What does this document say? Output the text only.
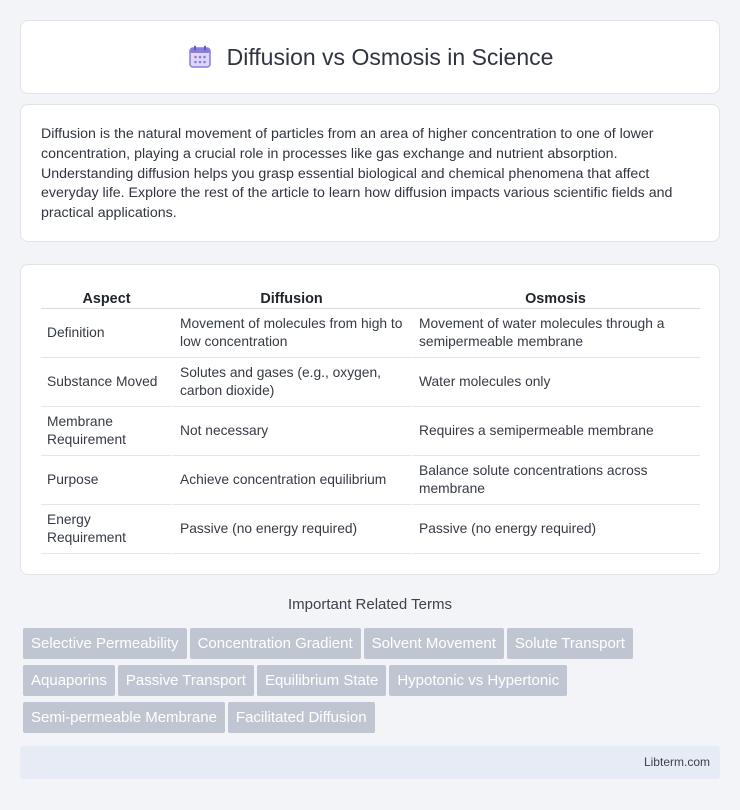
Diffusion vs Osmosis in Science

Diffusion is the natural movement of particles from an area of higher concentration to one of lower concentration, playing a crucial role in processes like gas exchange and nutrient absorption. Understanding diffusion helps you grasp essential biological and chemical phenomena that affect everyday life. Explore the rest of the article to learn how diffusion impacts various scientific fields and practical applications.

Aspect	Diffusion	Osmosis
Definition	Movement of molecules from high to low concentration	Movement of water molecules through a semipermeable membrane
Substance Moved	Solutes and gases (e.g., oxygen, carbon dioxide)	Water molecules only
Membrane Requirement	Not necessary	Requires a semipermeable membrane
Purpose	Achieve concentration equilibrium	Balance solute concentrations across membrane
Energy Requirement	Passive (no energy required)	Passive (no energy required)
Important Related Terms
Selective Permeability Concentration Gradient Solvent Movement Solute Transport
Aquaporins Passive Transport Equilibrium State Hypotonic vs Hypertonic
Semi-permeable Membrane Facilitated Diffusion
Libterm.com
